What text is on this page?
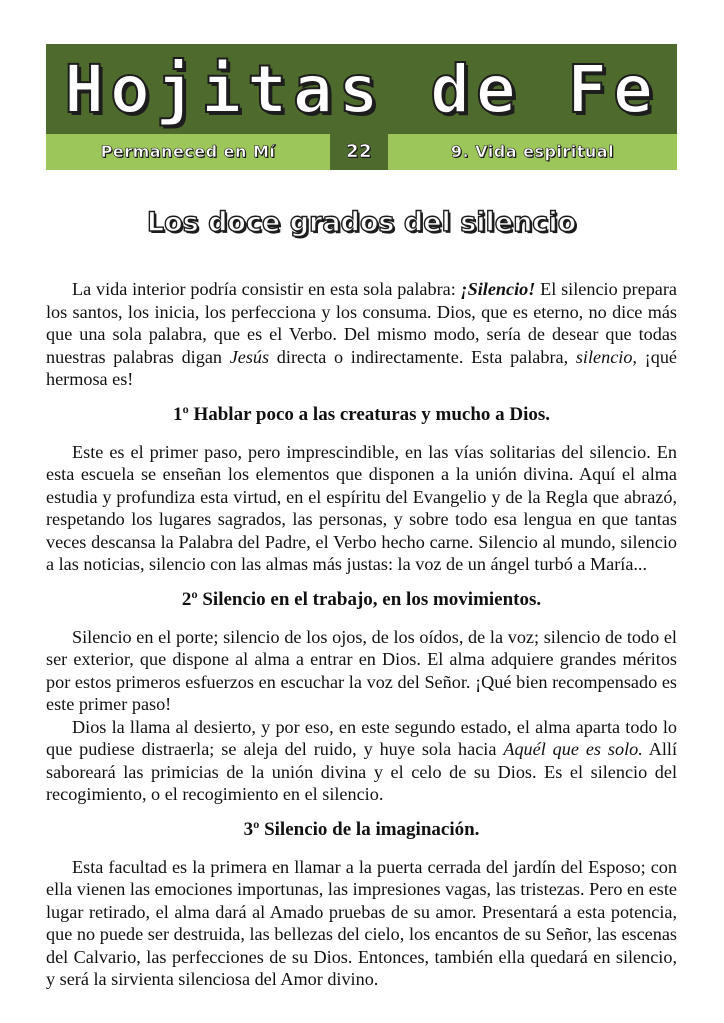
Hojitas de Fe
Permaneced en Mí	22	9. Vida espiritual
Los doce grados del silencio

La vida interior podría consistir en esta sola palabra: ¡Silencio! El silencio prepara los santos, los inicia, los perfecciona y los consuma. Dios, que es eterno, no dice más que una sola palabra, que es el Verbo. Del mismo modo, sería de desear que todas nuestras palabras digan Jesús directa o indirectamente. Esta palabra, silencio, ¡qué hermosa es!

1º Hablar poco a las creaturas y mucho a Dios.

Este es el primer paso, pero imprescindible, en las vías solitarias del silencio. En esta escuela se enseñan los elementos que disponen a la unión divina. Aquí el alma estudia y profundiza esta virtud, en el espíritu del Evangelio y de la Regla que abrazó, respetando los lugares sagrados, las personas, y sobre todo esa lengua en que tantas veces descansa la Palabra del Padre, el Verbo hecho carne. Silencio al mundo, silencio a las noticias, silencio con las almas más justas: la voz de un ángel turbó a María...

2º Silencio en el trabajo, en los movimientos.

Silencio en el porte; silencio de los ojos, de los oídos, de la voz; silencio de todo el ser exterior, que dispone al alma a entrar en Dios. El alma adquiere grandes méritos por estos primeros esfuerzos en escuchar la voz del Señor. ¡Qué bien recompensado es este primer paso!

Dios la llama al desierto, y por eso, en este segundo estado, el alma aparta todo lo que pudiese distraerla; se aleja del ruido, y huye sola hacia Aquél que es solo. Allí saboreará las primicias de la unión divina y el celo de su Dios. Es el silencio del recogimiento, o el recogimiento en el silencio.

3º Silencio de la imaginación.

Esta facultad es la primera en llamar a la puerta cerrada del jardín del Esposo; con ella vienen las emociones importunas, las impresiones vagas, las tristezas. Pero en este lugar retirado, el alma dará al Amado pruebas de su amor. Presentará a esta potencia, que no puede ser destruida, las bellezas del cielo, los encantos de su Señor, las escenas del Calvario, las perfecciones de su Dios. Entonces, también ella quedará en silencio, y será la sirvienta silenciosa del Amor divino.
